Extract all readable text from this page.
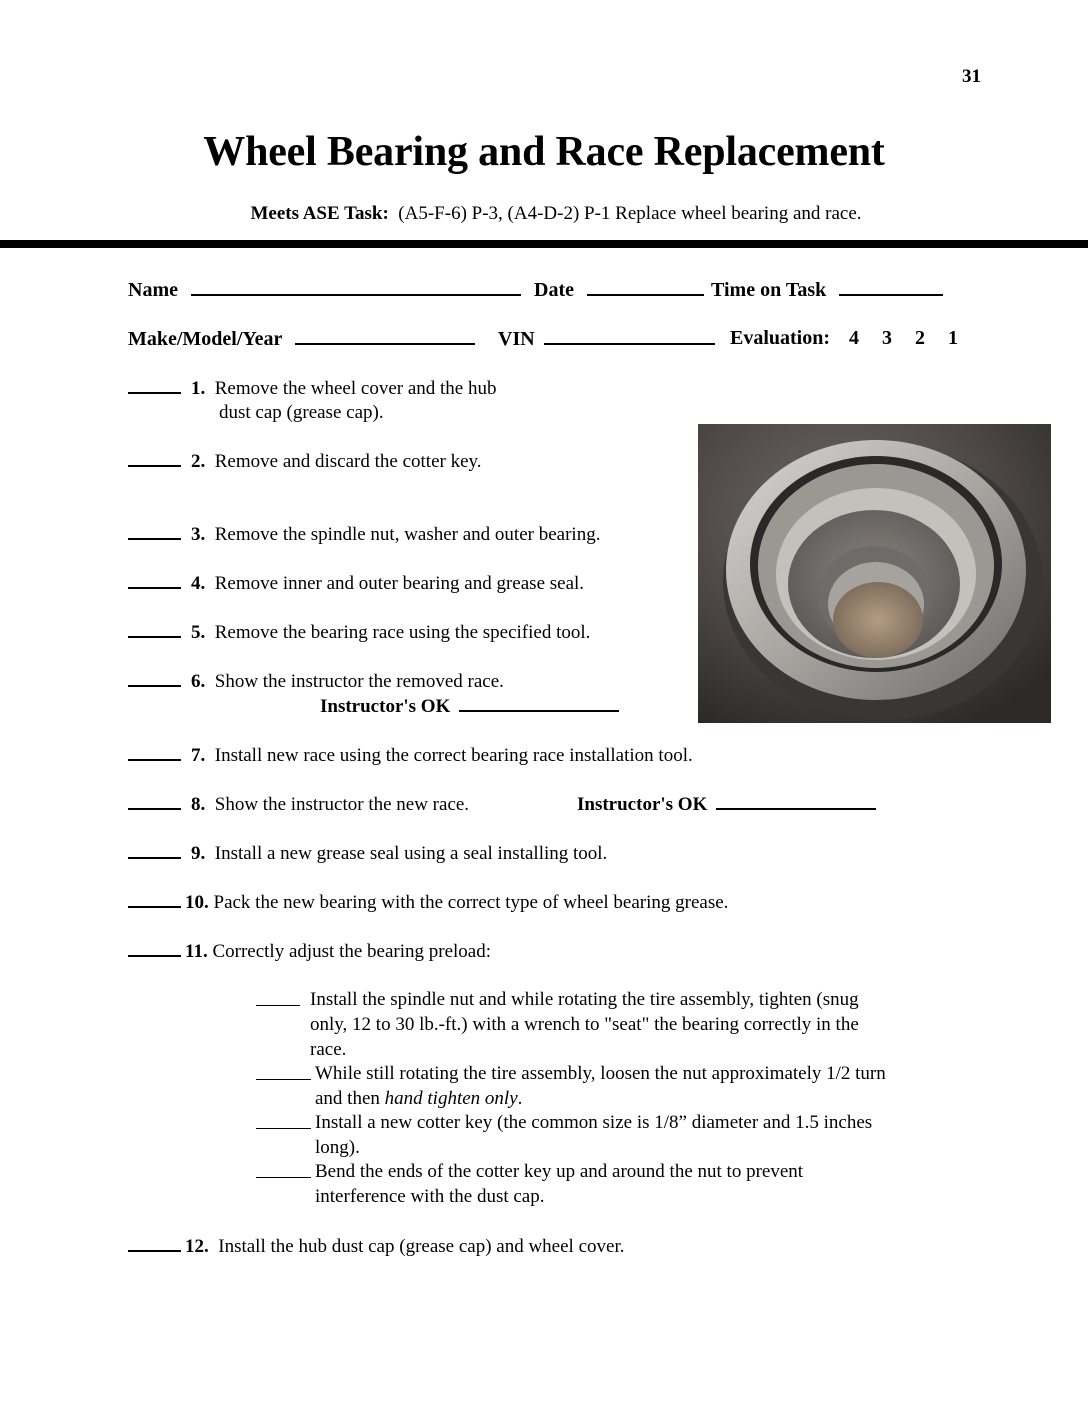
31
Wheel Bearing and Race Replacement
Meets ASE Task: (A5-F-6) P-3, (A4-D-2) P-1 Replace wheel bearing and race.
Name	Date	Time on Task
Make/Model/Year	VIN	Evaluation: 4 3 2 1
1. Remove the wheel cover and the hub
dust cap (grease cap).
2. Remove and discard the cotter key.
3. Remove the spindle nut, washer and outer bearing.
4. Remove inner and outer bearing and grease seal.
5. Remove the bearing race using the specified tool.
6. Show the instructor the removed race.
Instructor's OK
7. Install new race using the correct bearing race installation tool.
8. Show the instructor the new race.	Instructor's OK
9. Install a new grease seal using a seal installing tool.
10. Pack the new bearing with the correct type of wheel bearing grease.
11. Correctly adjust the bearing preload:
Install the spindle nut and while rotating the tire assembly, tighten (snug
only, 12 to 30 lb.-ft.) with a wrench to "seat" the bearing correctly in the
race.
While still rotating the tire assembly, loosen the nut approximately 1/2 turn
and then hand tighten only.
Install a new cotter key (the common size is 1/8” diameter and 1.5 inches
long).
Bend the ends of the cotter key up and around the nut to prevent
interference with the dust cap.
12. Install the hub dust cap (grease cap) and wheel cover.
